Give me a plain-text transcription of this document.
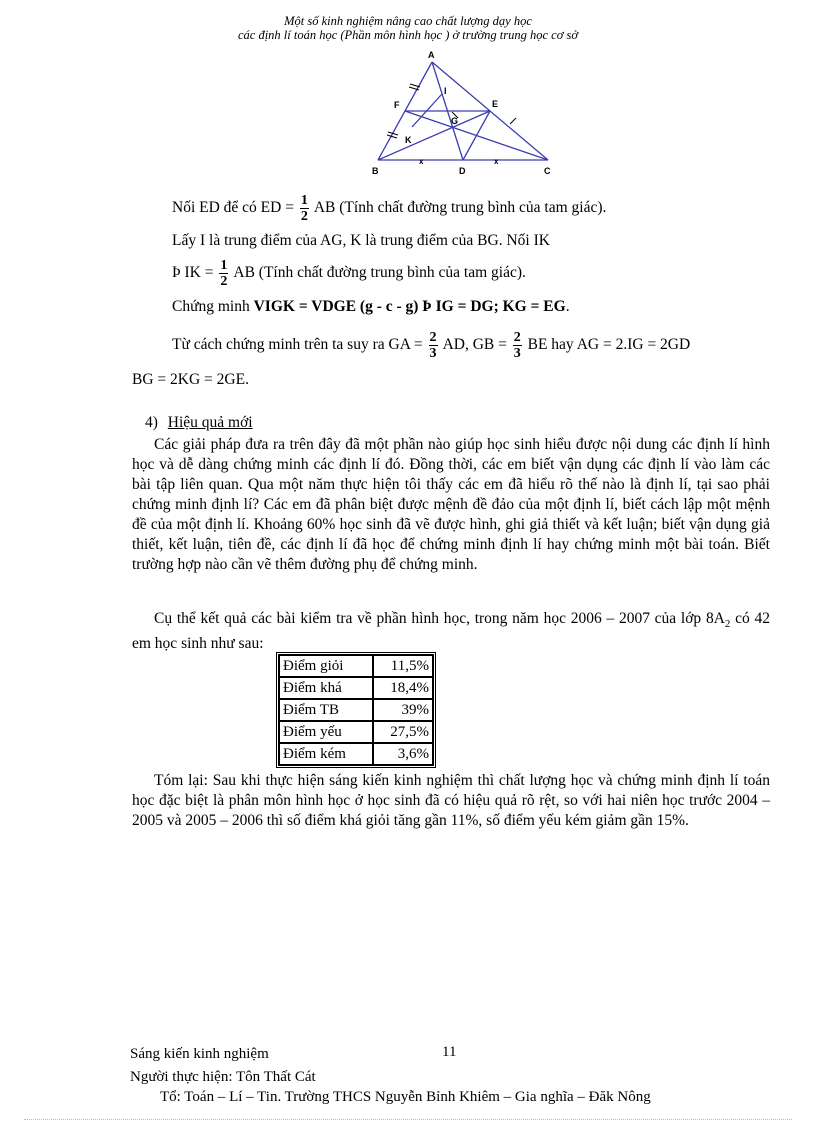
Một số kinh nghiệm nâng cao chất lượng dạy học
các định lí toán học (Phần môn hình học ) ở trường trung học cơ sở
A
B	C
D
E
F
G
I
K
x	x
Nối ED để có ED = $\frac{1}{2}$ AB (Tính chất đường trung bình của tam giác).
Lấy I là trung điểm của AG, K là trung điểm của BG. Nối IK
Þ IK = $\frac{1}{2}$ AB (Tính chất đường trung bình của tam giác).
Chứng minh VIGK = VDGE (g - c - g) Þ IG = DG; KG = EG.
Từ cách chứng minh trên ta suy ra GA = $\frac{2}{3}$ AD, GB = $\frac{2}{3}$ BE hay AG = 2.IG = 2GD
BG = 2KG = 2GE.
4) Hiệu quả mới
Các giải pháp đưa ra trên đây đã một phần nào giúp học sinh hiểu được nội dung các định lí hình học và dễ dàng chứng minh các định lí đó. Đồng thời, các em biết vận dụng các định lí vào làm các bài tập liên quan. Qua một năm thực hiện tôi thấy các em đã hiểu rõ thế nào là định lí, tại sao phải chứng minh định lí? Các em đã phân biệt được mệnh đề đảo của một định lí, biết cách lập một mệnh đề của một định lí. Khoảng 60% học sinh đã vẽ được hình, ghi giả thiết và kết luận; biết vận dụng giả thiết, kết luận, tiên đề, các định lí đã học để chứng minh định lí hay chứng minh một bài toán. Biết trường hợp nào cần vẽ thêm đường phụ để chứng minh.
Cụ thể kết quả các bài kiểm tra về phần hình học, trong năm học 2006 – 2007 của lớp $8A_2$ có 42 em học sinh như sau:
Điểm giỏi	11,5%
Điểm khá	18,4%
Điểm TB	39%
Điểm yếu	27,5%
Điểm kém	3,6%
Tóm lại: Sau khi thực hiện sáng kiến kinh nghiệm thì chất lượng học và chứng minh định lí toán học đặc biệt là phân môn hình học ở học sinh đã có hiệu quả rõ rệt, so với hai niên học trước 2004 – 2005 và 2005 – 2006 thì số điểm khá giỏi tăng gần 11%, số điểm yếu kém giảm gần 15%.
Sáng kiến kinh nghiệm	11
Người thực hiện: Tôn Thất Cát
Tổ: Toán – Lí – Tin. Trường THCS Nguyễn Bỉnh Khiêm – Gia nghĩa – Đăk Nông
